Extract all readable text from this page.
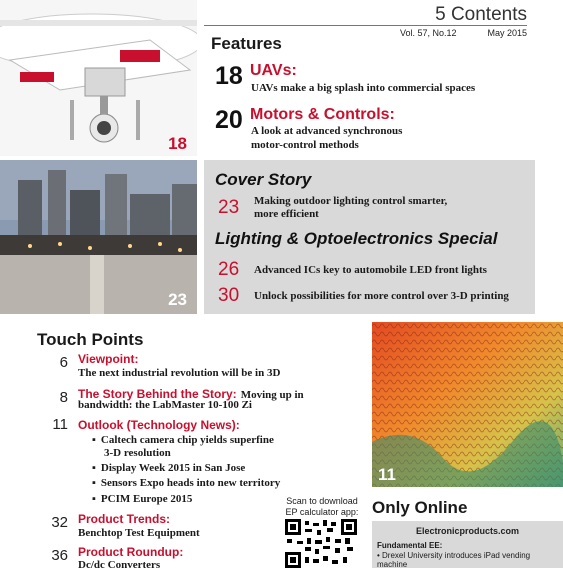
5 Contents
Vol. 57, No.12	May 2015
18
23
Features
18 UAVs:
UAVs make a big splash into commercial spaces
20 Motors & Controls:
A look at advanced synchronous
motor-control methods
Cover Story
23 Making outdoor lighting control smarter,
more efficient
Lighting & Optoelectronics Special
26 Advanced ICs key to automobile LED front lights
30 Unlock possibilities for more control over 3-D printing
Touch Points
6 Viewpoint:
The next industrial revolution will be in 3D
8 The Story Behind the Story: Moving up in
bandwidth: the LabMaster 10-100 Zi
11 Outlook (Technology News):
▪ Caltech camera chip yields superfine
3-D resolution
▪ Display Week 2015 in San Jose
▪ Sensors Expo heads into new territory
▪ PCIM Europe 2015
32 Product Trends:
Benchtop Test Equipment
36 Product Roundup:
Dc/dc Converters
Scan to download
EP calculator app:
11
Only Online
Electronicproducts.com
Fundamental EE:
• Drexel University introduces iPad vending machine
